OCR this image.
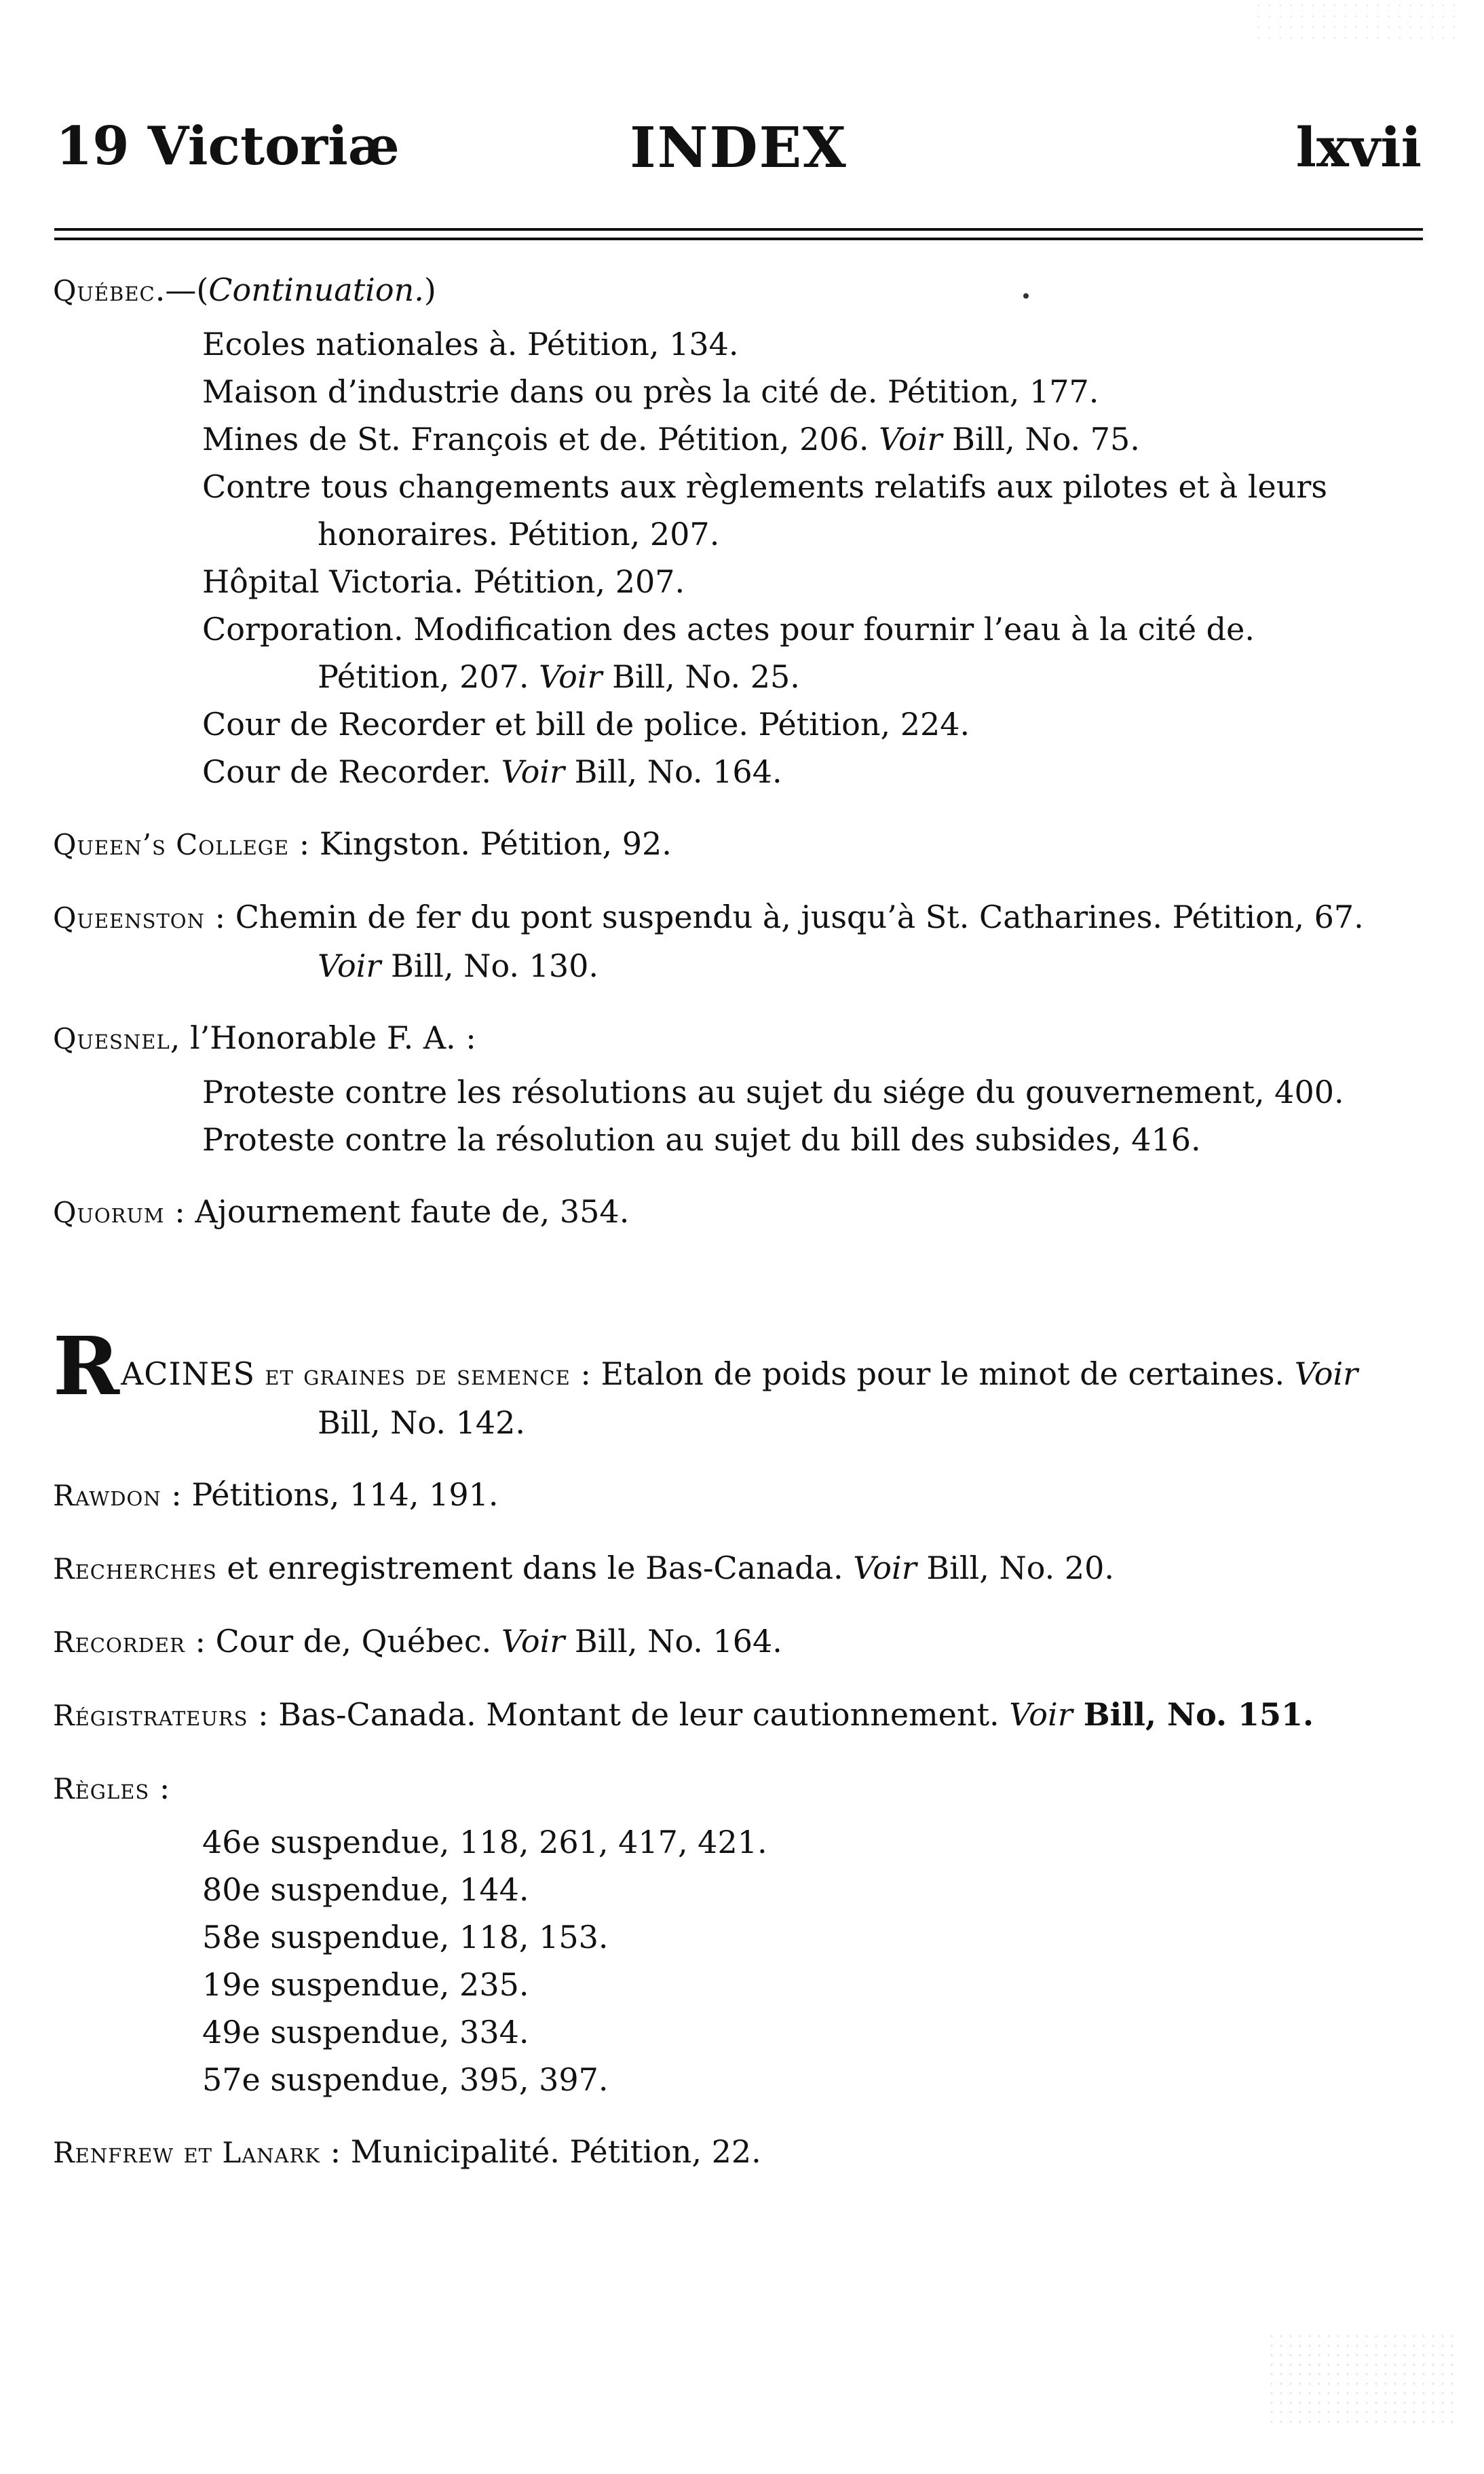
19 Victoriæ	INDEX	lxvii
Québec.—(Continuation.)
Ecoles nationales à. Pétition, 134.
Maison d’industrie dans ou près la cité de. Pétition, 177.
Mines de St. François et de. Pétition, 206. Voir Bill, No. 75.
Contre tous changements aux règlements relatifs aux pilotes et à leurs honoraires. Pétition, 207.
Hôpital Victoria. Pétition, 207.
Corporation. Modification des actes pour fournir l’eau à la cité de. Pétition, 207. Voir Bill, No. 25.
Cour de Recorder et bill de police. Pétition, 224.
Cour de Recorder. Voir Bill, No. 164.
Queen’s College : Kingston. Pétition, 92.
Queenston : Chemin de fer du pont suspendu à, jusqu’à St. Catharines. Pétition, 67. Voir Bill, No. 130.
Quesnel, l’Honorable F. A. :
Proteste contre les résolutions au sujet du siége du gouvernement, 400.
Proteste contre la résolution au sujet du bill des subsides, 416.
Quorum : Ajournement faute de, 354.
RACINES et graines de semence : Etalon de poids pour le minot de certaines. Voir Bill, No. 142.
Rawdon : Pétitions, 114, 191.
Recherches et enregistrement dans le Bas-Canada. Voir Bill, No. 20.
Recorder : Cour de, Québec. Voir Bill, No. 164.
Régistrateurs : Bas-Canada. Montant de leur cautionnement. Voir Bill, No. 151.
Règles :
46e suspendue, 118, 261, 417, 421.
80e suspendue, 144.
58e suspendue, 118, 153.
19e suspendue, 235.
49e suspendue, 334.
57e suspendue, 395, 397.
Renfrew et Lanark : Municipalité. Pétition, 22.
